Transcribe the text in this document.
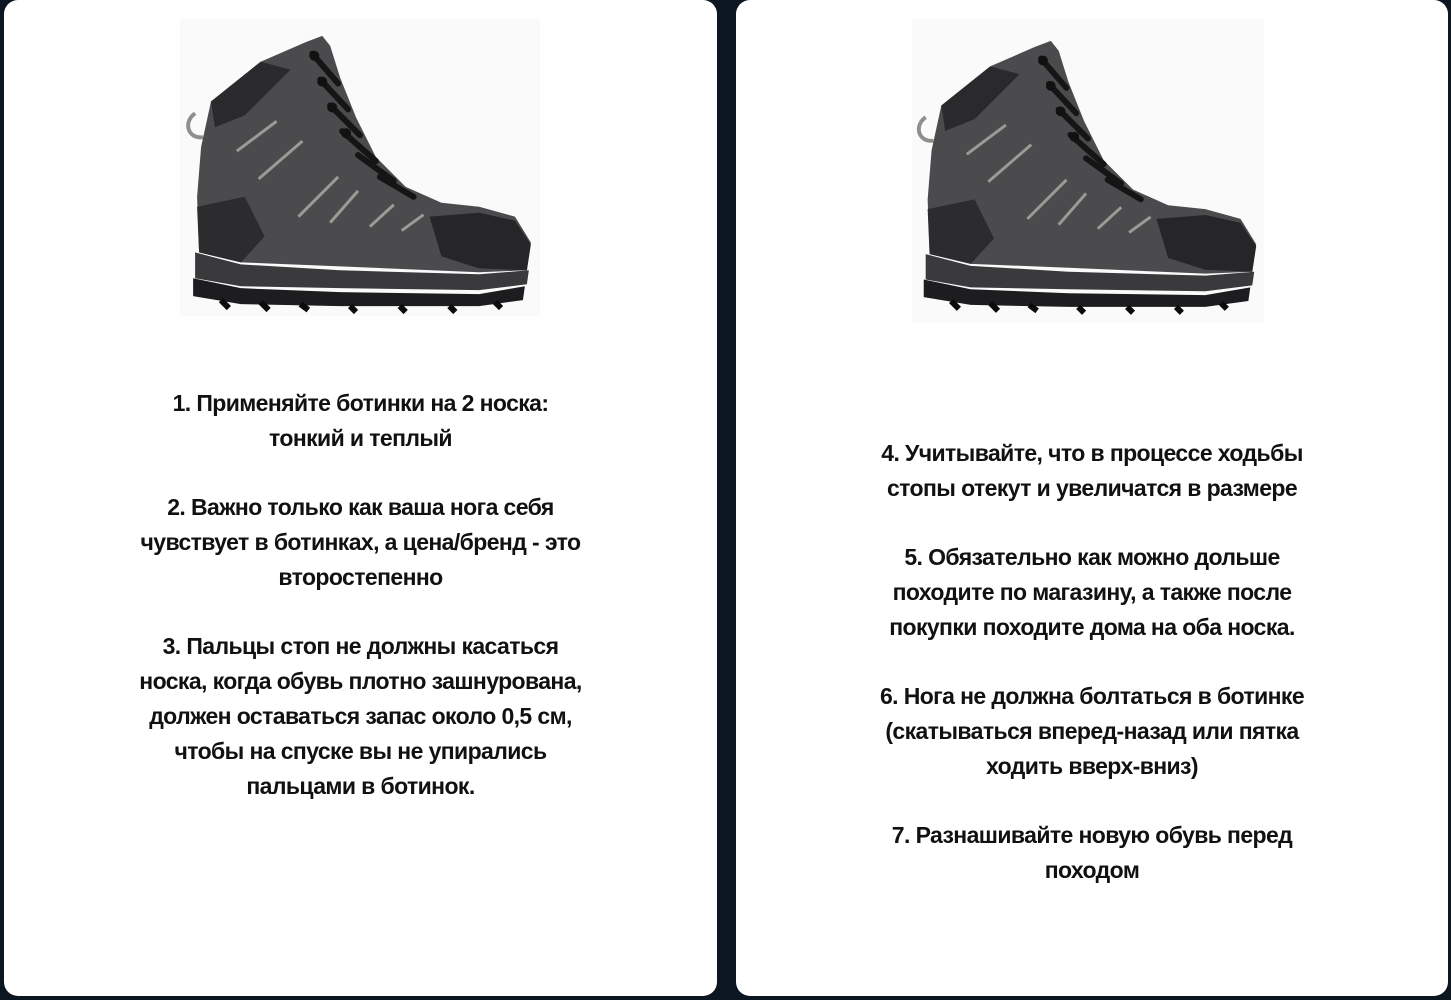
1. Применяйте ботинки на 2 носка:
тонкий и теплый
2. Важно только как ваша нога себя
чувствует в ботинках, а цена/бренд - это
второстепенно
3. Пальцы стоп не должны касаться
носка, когда обувь плотно зашнурована,
должен оставаться запас около 0,5 см,
чтобы на спуске вы не упирались
пальцами в ботинок.
4. Учитывайте, что в процессе ходьбы
стопы отекут и увеличатся в размере
5. Обязательно как можно дольше
походите по магазину, а также после
покупки походите дома на оба носка.
6. Нога не должна болтаться в ботинке
(скатываться вперед-назад или пятка
ходить вверх-вниз)
7. Разнашивайте новую обувь перед
походом
